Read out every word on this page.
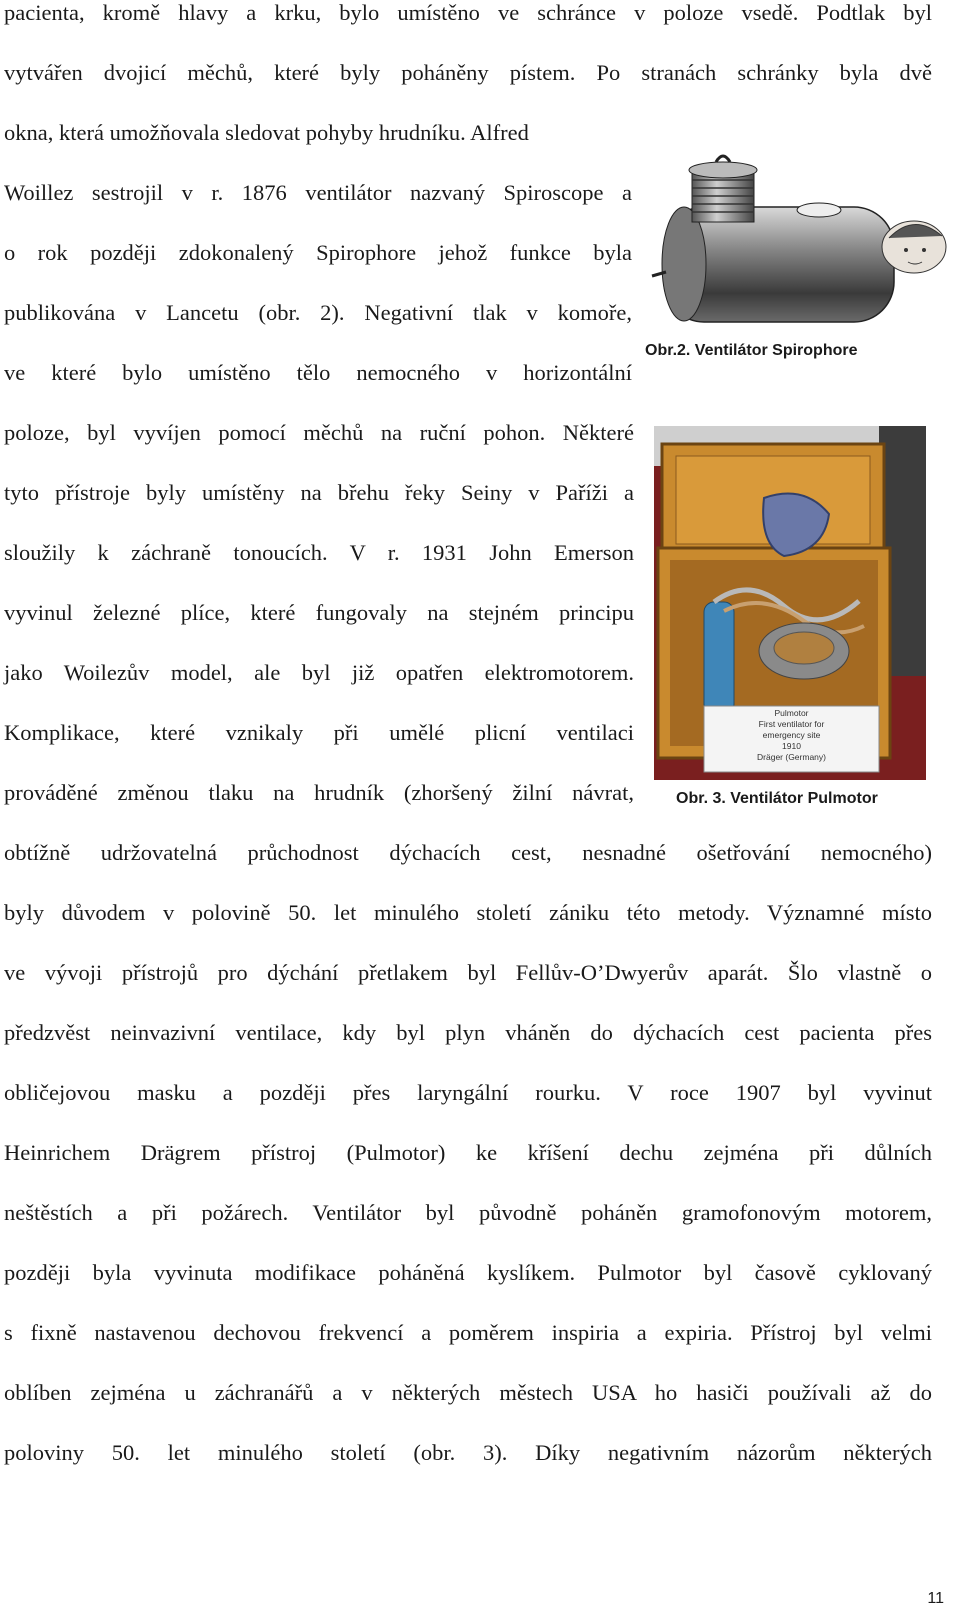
pacienta, kromě hlavy a krku, bylo umístěno ve schránce v poloze vsedě. Podtlak byl

vytvářen dvojicí měchů, které byly poháněny pístem. Po stranách schránky byla dvě

okna, která umožňovala sledovat pohyby hrudníku. Alfred

Woillez sestrojil v r. 1876 ventilátor nazvaný Spiroscope a

o rok později zdokonalený Spirophore jehož funkce byla

publikována v Lancetu (obr. 2). Negativní tlak v komoře,

ve které bylo umístěno tělo nemocného v horizontální

poloze, byl vyvíjen pomocí měchů na ruční pohon. Některé

tyto přístroje byly umístěny na břehu řeky Seiny v Paříži a

sloužily k záchraně tonoucích. V r. 1931 John Emerson

vyvinul železné plíce, které fungovaly na stejném principu

jako Woilezův model, ale byl již opatřen elektromotorem.

Komplikace, které vznikaly při umělé plicní ventilaci

prováděné změnou tlaku na hrudník (zhoršený žilní návrat,

obtížně udržovatelná průchodnost dýchacích cest, nesnadné ošetřování nemocného)

byly důvodem v polovině 50. let minulého století zániku této metody. Významné místo

ve vývoji přístrojů pro dýchání přetlakem byl Fellův-O’Dwyerův aparát. Šlo vlastně o

předzvěst neinvazivní ventilace, kdy byl plyn vháněn do dýchacích cest pacienta přes

obličejovou masku a později přes laryngální rourku. V roce 1907 byl vyvinut

Heinrichem Drägrem přístroj (Pulmotor) ke kříšení dechu zejména při důlních

neštěstích a při požárech. Ventilátor byl původně poháněn gramofonovým motorem,

později byla vyvinuta modifikace poháněná kyslíkem. Pulmotor byl časově cyklovaný

s fixně nastavenou dechovou frekvencí a poměrem inspiria a expiria. Přístroj byl velmi

oblíben zejména u záchranářů a v některých městech USA ho hasiči používali až do

poloviny 50. let minulého století (obr. 3). Díky negativním názorům některých

Obr.2. Ventilátor Spirophore
Pulmotor
First ventilator for
emergency site
1910
Dräger (Germany)
Obr. 3. Ventilátor Pulmotor
11
